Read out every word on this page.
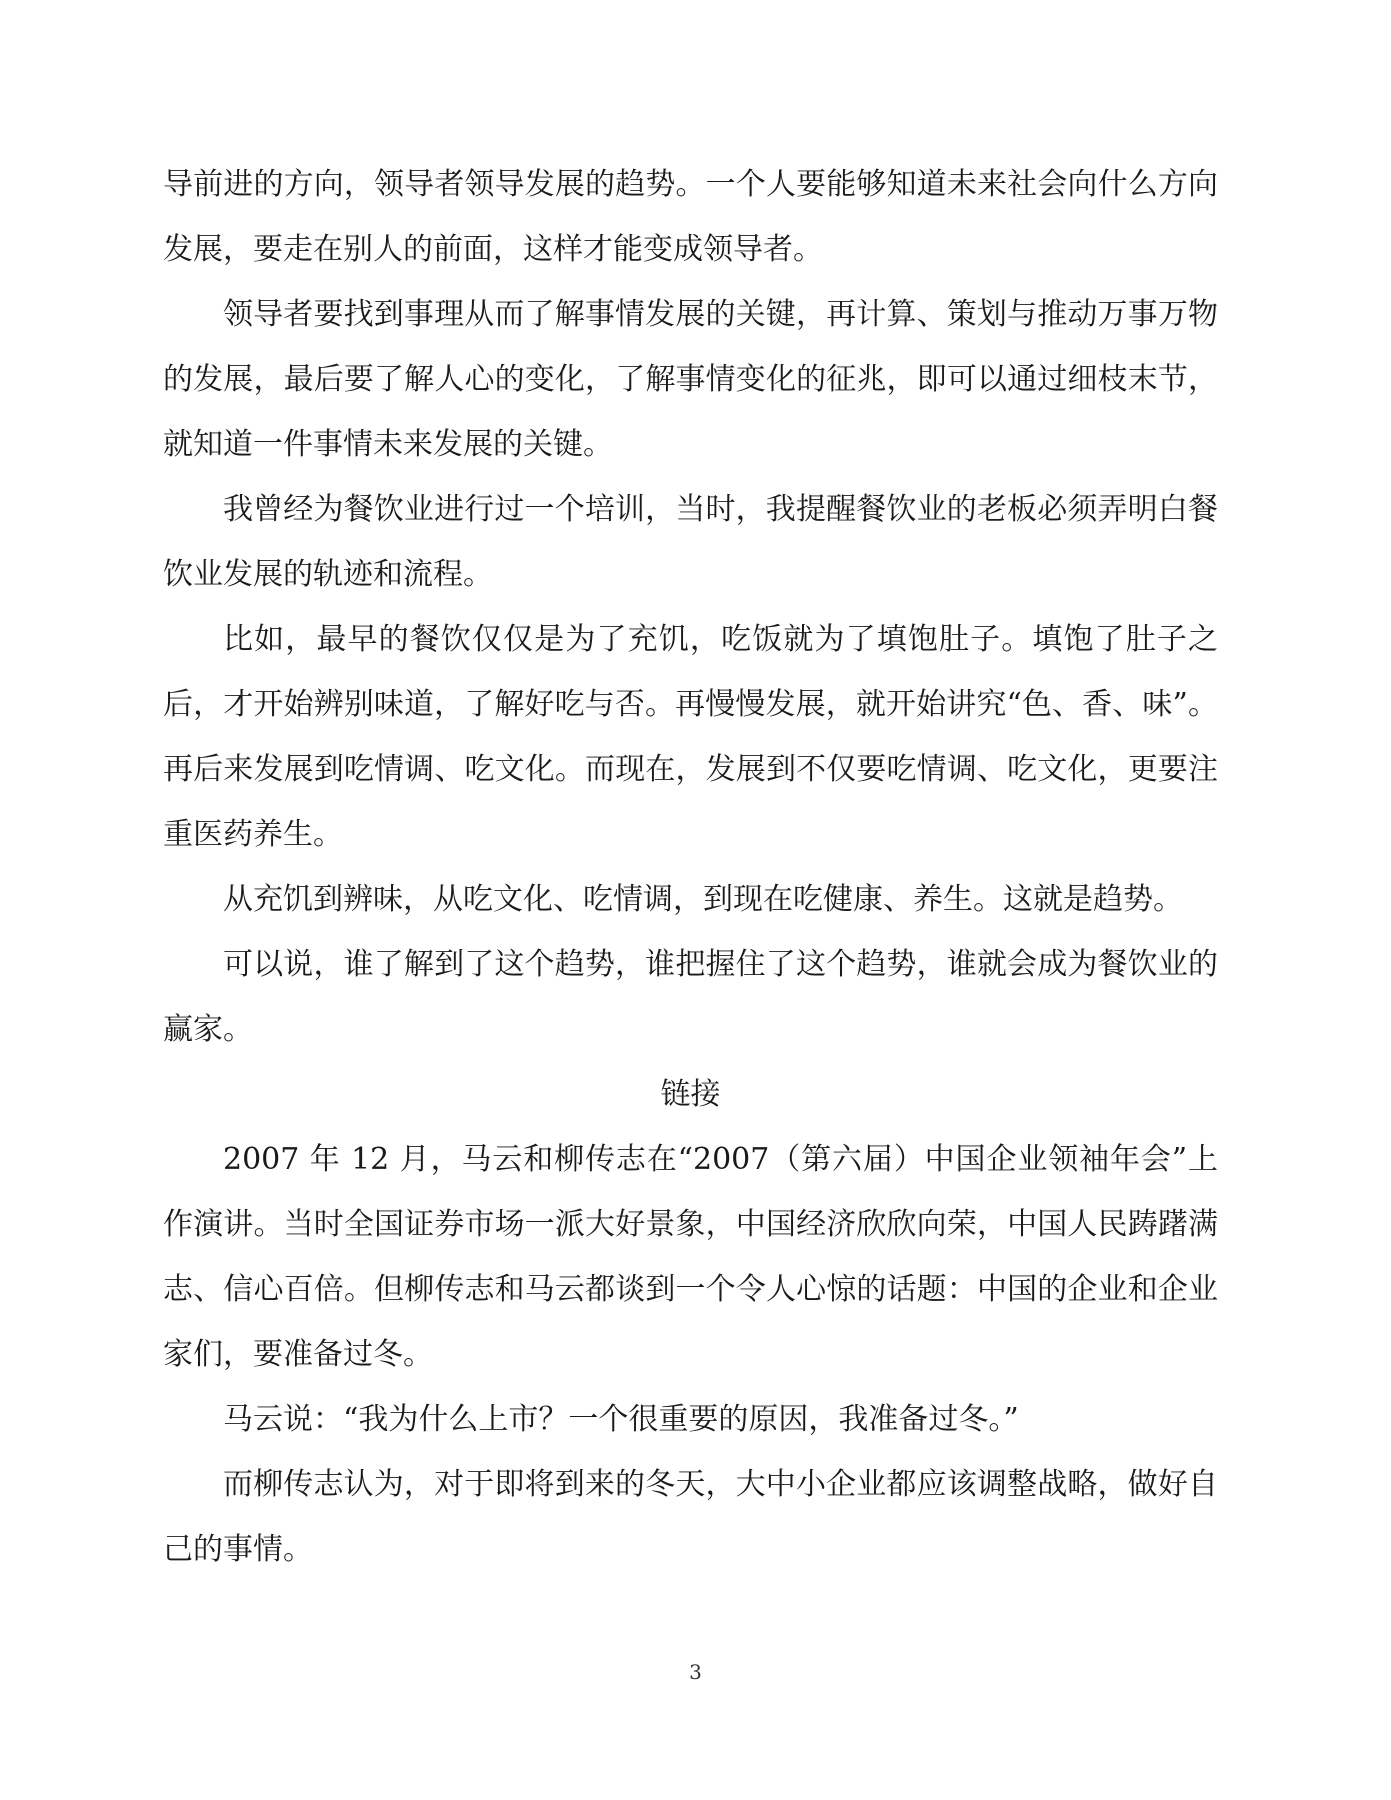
导前进的方向，领导者领导发展的趋势。一个人要能够知道未来社会向什么方向发展，要走在别人的前面，这样才能变成领导者。

领导者要找到事理从而了解事情发展的关键，再计算、策划与推动万事万物的发展，最后要了解人心的变化，了解事情变化的征兆，即可以通过细枝末节，就知道一件事情未来发展的关键。

我曾经为餐饮业进行过一个培训，当时，我提醒餐饮业的老板必须弄明白餐饮业发展的轨迹和流程。

比如，最早的餐饮仅仅是为了充饥，吃饭就为了填饱肚子。填饱了肚子之后，才开始辨别味道，了解好吃与否。再慢慢发展，就开始讲究“色、香、味”。再后来发展到吃情调、吃文化。而现在，发展到不仅要吃情调、吃文化，更要注重医药养生。

从充饥到辨味，从吃文化、吃情调，到现在吃健康、养生。这就是趋势。

可以说，谁了解到了这个趋势，谁把握住了这个趋势，谁就会成为餐饮业的赢家。

链接

2007 年 12 月，马云和柳传志在“2007（第六届）中国企业领袖年会”上作演讲。当时全国证券市场一派大好景象，中国经济欣欣向荣，中国人民踌躇满志、信心百倍。但柳传志和马云都谈到一个令人心惊的话题：中国的企业和企业家们，要准备过冬。

马云说：“我为什么上市？一个很重要的原因，我准备过冬。”

而柳传志认为，对于即将到来的冬天，大中小企业都应该调整战略，做好自己的事情。

3
